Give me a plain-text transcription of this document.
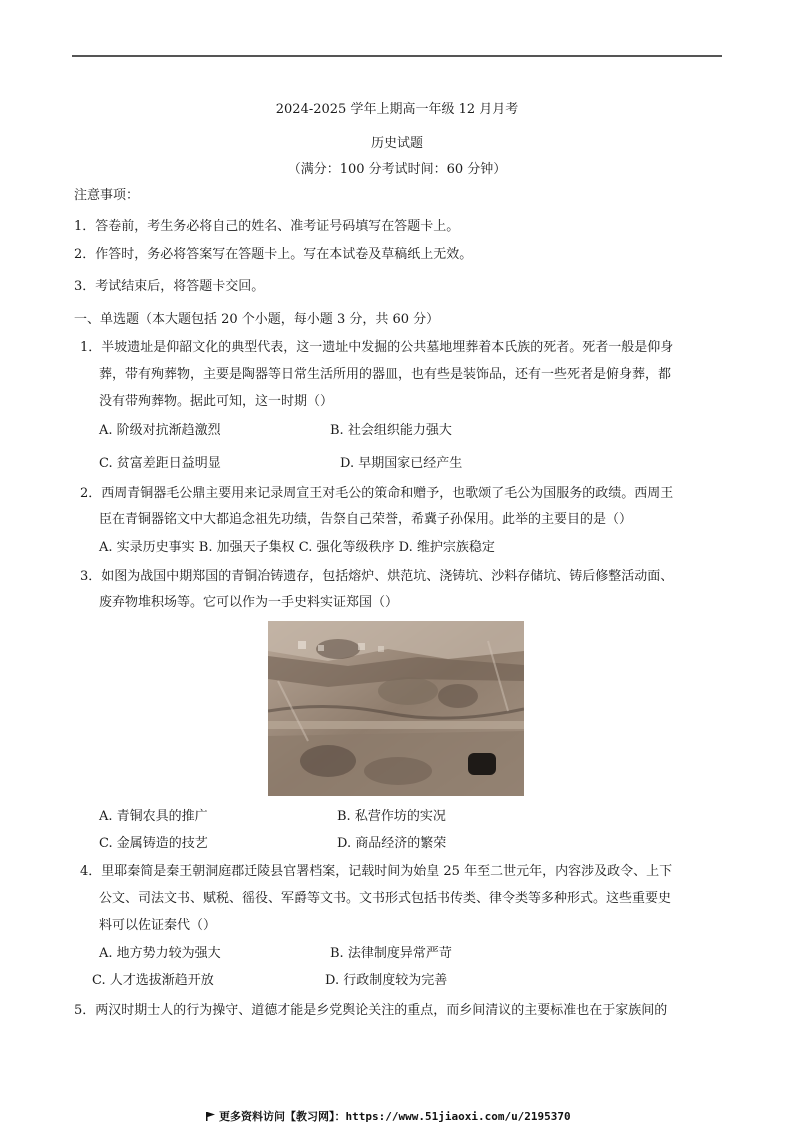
2024-2025 学年上期高一年级 12 月月考
历史试题
（满分：100 分考试时间：60 分钟）
注意事项：
1．答卷前，考生务必将自己的姓名、准考证号码填写在答题卡上。
2．作答时，务必将答案写在答题卡上。写在本试卷及草稿纸上无效。
3．考试结束后，将答题卡交回。
一、单选题（本大题包括 20 个小题，每小题 3 分，共 60 分）
1．半坡遗址是仰韶文化的典型代表，这一遗址中发掘的公共墓地埋葬着本氏族的死者。死者一般是仰身
葬，带有殉葬物，主要是陶器等日常生活所用的器皿，也有些是装饰品，还有一些死者是俯身葬，都
没有带殉葬物。据此可知，这一时期（）
A. 阶级对抗渐趋激烈	B. 社会组织能力强大
C. 贫富差距日益明显	D. 早期国家已经产生
2．西周青铜器毛公鼎主要用来记录周宣王对毛公的策命和赠予，也歌颂了毛公为国服务的政绩。西周王
臣在青铜器铭文中大都追念祖先功绩，告祭自己荣誉，希冀子孙保用。此举的主要目的是（）
A. 实录历史事实 B. 加强天子集权 C. 强化等级秩序 D. 维护宗族稳定
3．如图为战国中期郑国的青铜冶铸遗存，包括熔炉、烘范坑、浇铸坑、沙料存储坑、铸后修整活动面、
废弃物堆积场等。它可以作为一手史料实证郑国（）
A. 青铜农具的推广	B. 私营作坊的实况
C. 金属铸造的技艺	D. 商品经济的繁荣
4．里耶秦简是秦王朝洞庭郡迁陵县官署档案，记载时间为始皇 25 年至二世元年，内容涉及政令、上下
公文、司法文书、赋税、徭役、军爵等文书。文书形式包括书传类、律令类等多种形式。这些重要史
料可以佐证秦代（）
A. 地方势力较为强大	B. 法律制度异常严苛
C. 人才选拔渐趋开放	D. 行政制度较为完善
5．两汉时期士人的行为操守、道德才能是乡党舆论关注的重点，而乡间清议的主要标准也在于家族间的
更多资料访问【教习网】：https://www.51jiaoxi.com/u/2195370
